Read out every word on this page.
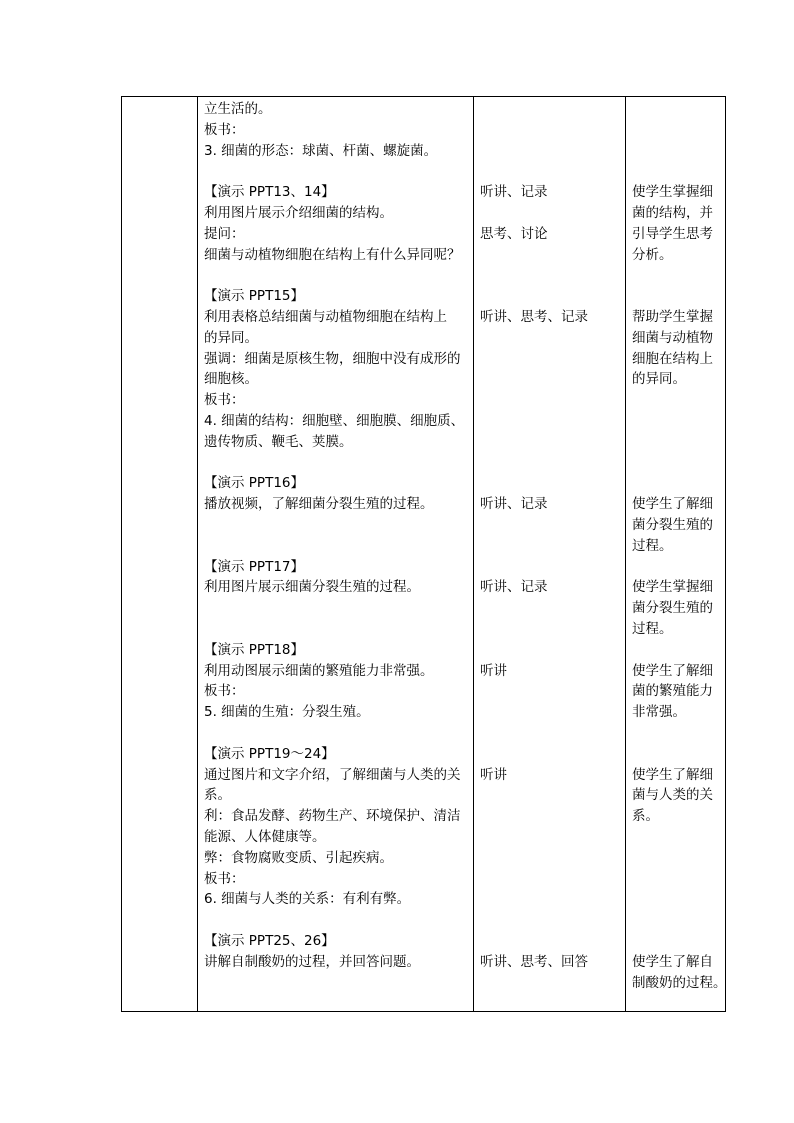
立生活的。
板书：
3. 细菌的形态：球菌、杆菌、螺旋菌。
【演示 PPT13、14】
利用图片展示介绍细菌的结构。
提问：
细菌与动植物细胞在结构上有什么异同呢？
【演示 PPT15】
利用表格总结细菌与动植物细胞在结构上
的异同。
强调：细菌是原核生物，细胞中没有成形的
细胞核。
板书：
4. 细菌的结构：细胞壁、细胞膜、细胞质、
遗传物质、鞭毛、荚膜。
【演示 PPT16】
播放视频，了解细菌分裂生殖的过程。
【演示 PPT17】
利用图片展示细菌分裂生殖的过程。
【演示 PPT18】
利用动图展示细菌的繁殖能力非常强。
板书：
5. 细菌的生殖：分裂生殖。
【演示 PPT19～24】
通过图片和文字介绍，了解细菌与人类的关
系。
利：食品发酵、药物生产、环境保护、清洁
能源、人体健康等。
弊：食物腐败变质、引起疾病。
板书：
6. 细菌与人类的关系：有利有弊。
【演示 PPT25、26】
讲解自制酸奶的过程，并回答问题。
听讲、记录
思考、讨论
听讲、思考、记录
听讲、记录
听讲、记录
听讲
听讲
听讲、思考、回答
使学生掌握细
菌的结构，并
引导学生思考
分析。
帮助学生掌握
细菌与动植物
细胞在结构上
的异同。
使学生了解细
菌分裂生殖的
过程。
使学生掌握细
菌分裂生殖的
过程。
使学生了解细
菌的繁殖能力
非常强。
使学生了解细
菌与人类的关
系。
使学生了解自
制酸奶的过程。
